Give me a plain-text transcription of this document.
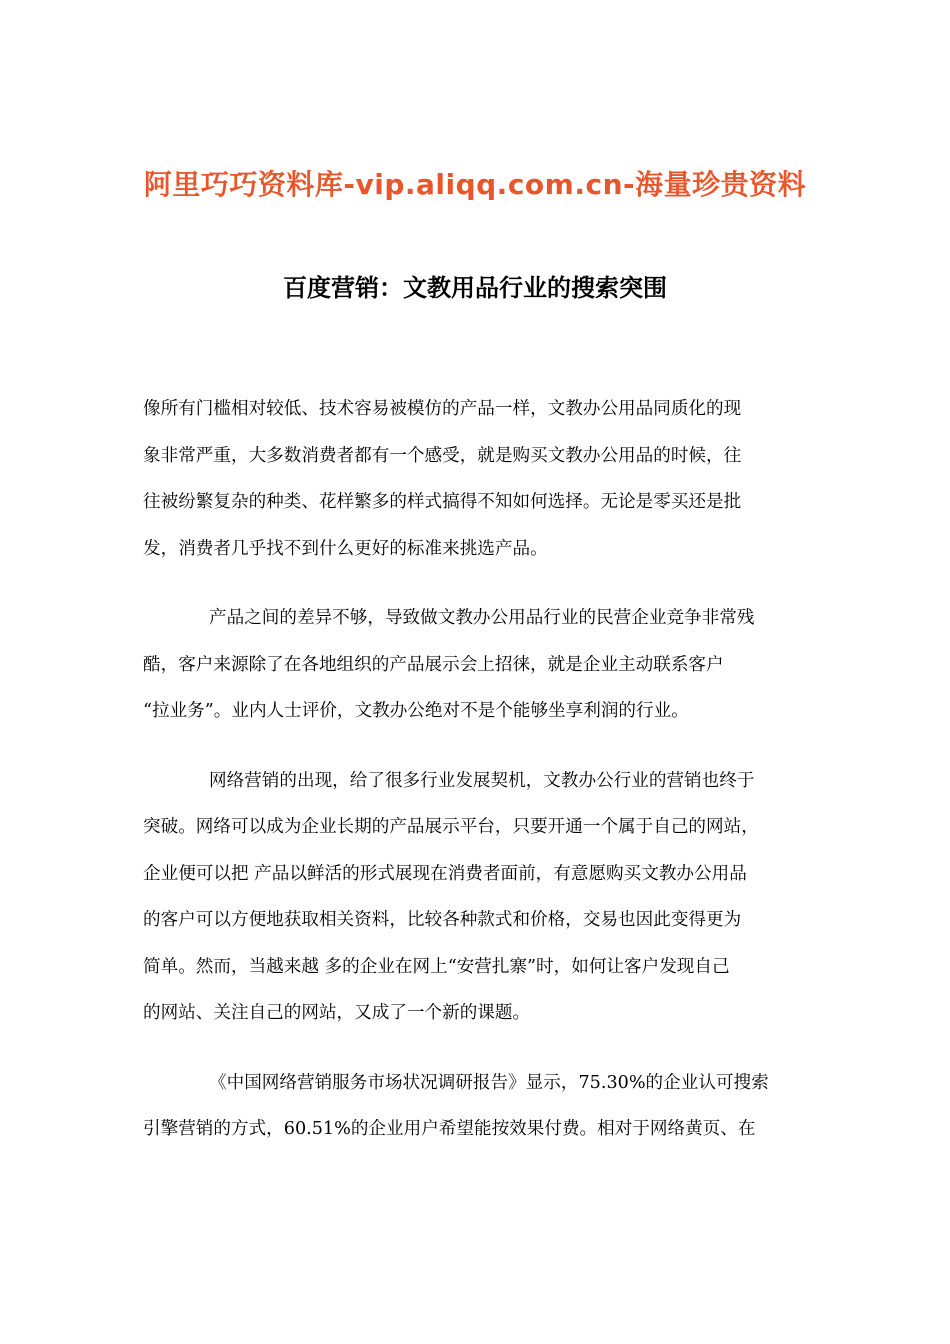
阿里巧巧资料库-vip.aliqq.com.cn-海量珍贵资料
百度营销：文教用品行业的搜索突围
像所有门槛相对较低、技术容易被模仿的产品一样，文教办公用品同质化的现
象非常严重，大多数消费者都有一个感受，就是购买文教办公用品的时候，往
往被纷繁复杂的种类、花样繁多的样式搞得不知如何选择。无论是零买还是批
发，消费者几乎找不到什么更好的标准来挑选产品。
产品之间的差异不够，导致做文教办公用品行业的民营企业竞争非常残
酷，客户来源除了在各地组织的产品展示会上招徕，就是企业主动联系客户
“拉业务”。业内人士评价，文教办公绝对不是个能够坐享利润的行业。
网络营销的出现，给了很多行业发展契机，文教办公行业的营销也终于
突破。网络可以成为企业长期的产品展示平台，只要开通一个属于自己的网站，
企业便可以把 产品以鲜活的形式展现在消费者面前，有意愿购买文教办公用品
的客户可以方便地获取相关资料，比较各种款式和价格，交易也因此变得更为
简单。然而，当越来越 多的企业在网上“安营扎寨”时，如何让客户发现自己
的网站、关注自己的网站，又成了一个新的课题。
《中国网络营销服务市场状况调研报告》显示，75.30%的企业认可搜索
引擎营销的方式，60.51%的企业用户希望能按效果付费。相对于网络黄页、在
